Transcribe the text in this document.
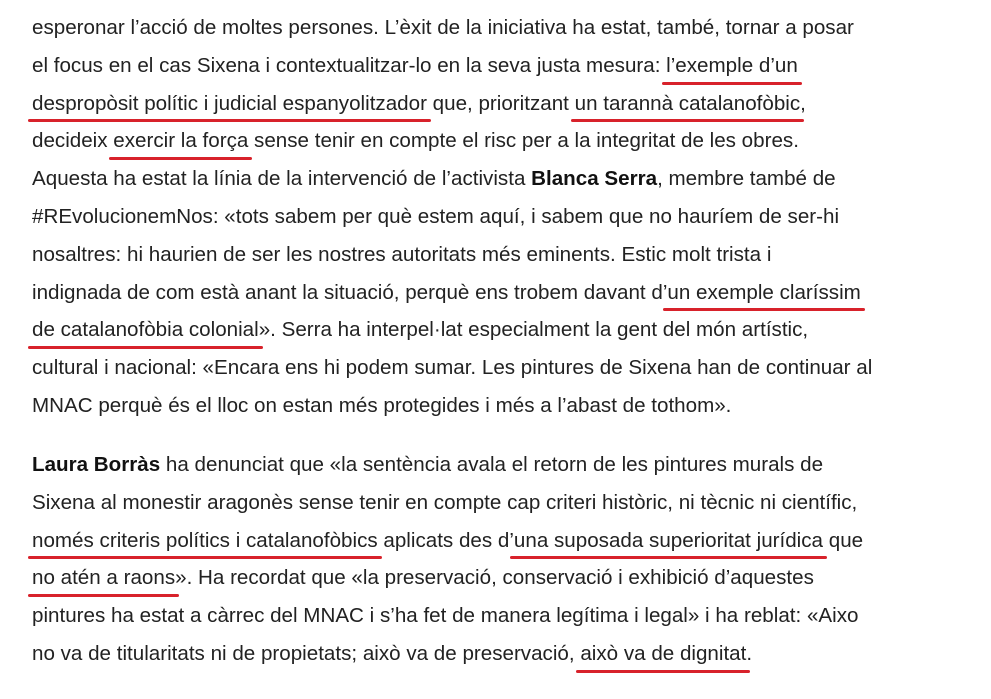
esperonar l’acció de moltes persones. L’èxit de la iniciativa ha estat, també, tornar a posar
el focus en el cas Sixena i contextualitzar-lo en la seva justa mesura: l’exemple d’un
despropòsit polític i judicial espanyolitzador que, prioritzant un tarannà catalanofòbic,
decideix exercir la força sense tenir en compte el risc per a la integritat de les obres.
Aquesta ha estat la línia de la intervenció de l’activista Blanca Serra, membre també de
#REvolucionemNos: «tots sabem per què estem aquí, i sabem que no hauríem de ser-hi
nosaltres: hi haurien de ser les nostres autoritats més eminents. Estic molt trista i
indignada de com està anant la situació, perquè ens trobem davant d’un exemple claríssim
de catalanofòbia colonial». Serra ha interpel·lat especialment la gent del món artístic,
cultural i nacional: «Encara ens hi podem sumar. Les pintures de Sixena han de continuar al
MNAC perquè és el lloc on estan més protegides i més a l’abast de tothom».
Laura Borràs ha denunciat que «la sentència avala el retorn de les pintures murals de
Sixena al monestir aragonès sense tenir en compte cap criteri històric, ni tècnic ni científic,
només criteris polítics i catalanofòbics aplicats des d’una suposada superioritat jurídica que
no atén a raons». Ha recordat que «la preservació, conservació i exhibició d’aquestes
pintures ha estat a càrrec del MNAC i s’ha fet de manera legítima i legal» i ha reblat: «Aixo
no va de titularitats ni de propietats; això va de preservació, això va de dignitat.
